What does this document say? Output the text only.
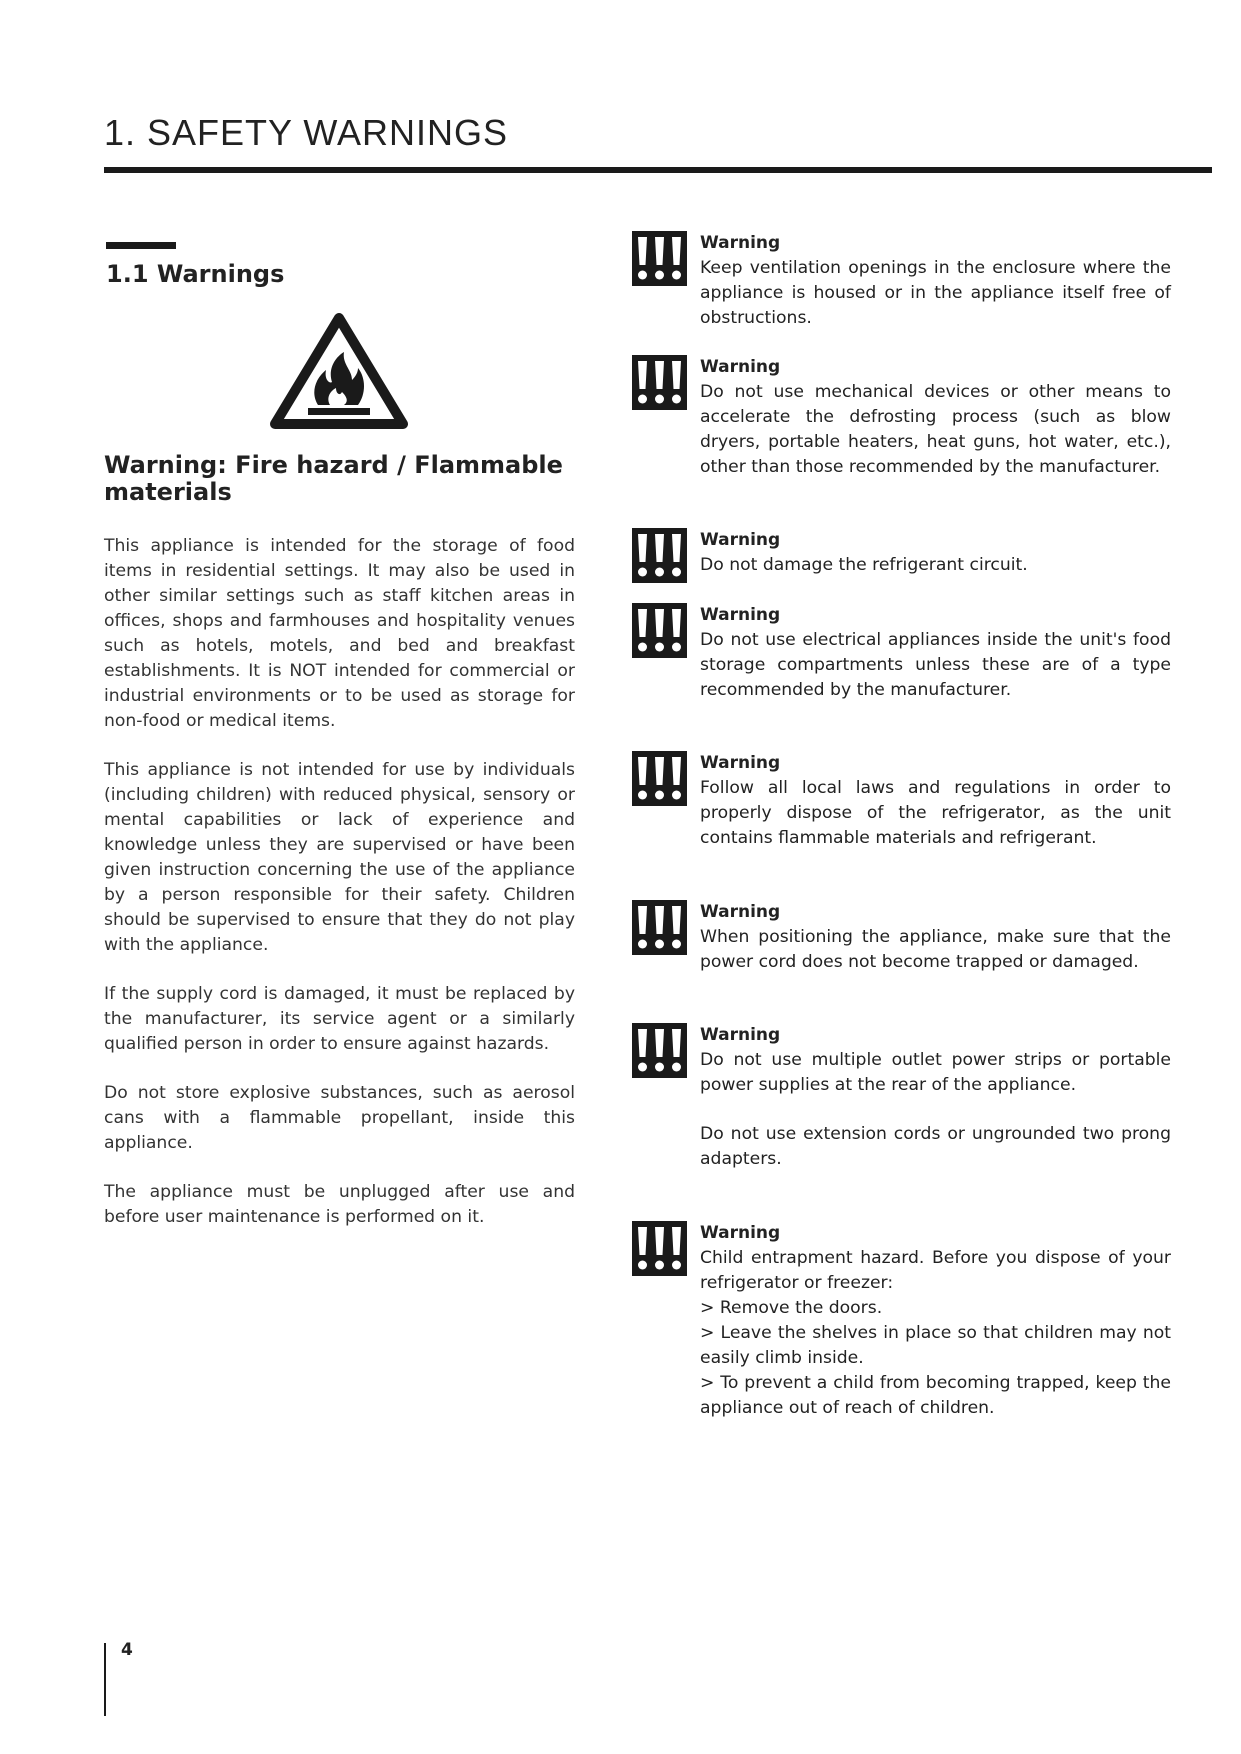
1. SAFETY WARNINGS
1.1 Warnings
Warning: Fire hazard / Flammable materials

This appliance is intended for the storage of food items in residential settings. It may also be used in other similar settings such as staff kitchen areas in offices, shops and farmhouses and hospitality venues such as hotels, motels, and bed and breakfast establishments. It is NOT intended for commercial or industrial environments or to be used as storage for non-food or medical items.

This appliance is not intended for use by individuals (including children) with reduced physical, sensory or mental capabilities or lack of experience and knowledge unless they are supervised or have been given instruction concerning the use of the appliance by a person responsible for their safety. Children should be supervised to ensure that they do not play with the appliance.

If the supply cord is damaged, it must be replaced by the manufacturer, its service agent or a similarly qualified person in order to ensure against hazards.

Do not store explosive substances, such as aerosol cans with a flammable propellant, inside this appliance.

The appliance must be unplugged after use and before user maintenance is performed on it.

Warning

Keep ventilation openings in the enclosure where the appliance is housed or in the appliance itself free of obstructions.

Warning

Do not use mechanical devices or other means to accelerate the defrosting process (such as blow dryers, portable heaters, heat guns, hot water, etc.), other than those recommended by the manufacturer.

Warning

Do not damage the refrigerant circuit.

Warning

Do not use electrical appliances inside the unit's food storage compartments unless these are of a type recommended by the manufacturer.

Warning

Follow all local laws and regulations in order to properly dispose of the refrigerator, as the unit contains flammable materials and refrigerant.

Warning

When positioning the appliance, make sure that the power cord does not become trapped or damaged.

Warning

Do not use multiple outlet power strips or portable power supplies at the rear of the appliance.

Do not use extension cords or ungrounded two prong adapters.

Warning

Child entrapment hazard. Before you dispose of your refrigerator or freezer:

> Remove the doors.

> Leave the shelves in place so that children may not easily climb inside.

> To prevent a child from becoming trapped, keep the appliance out of reach of children.

4
